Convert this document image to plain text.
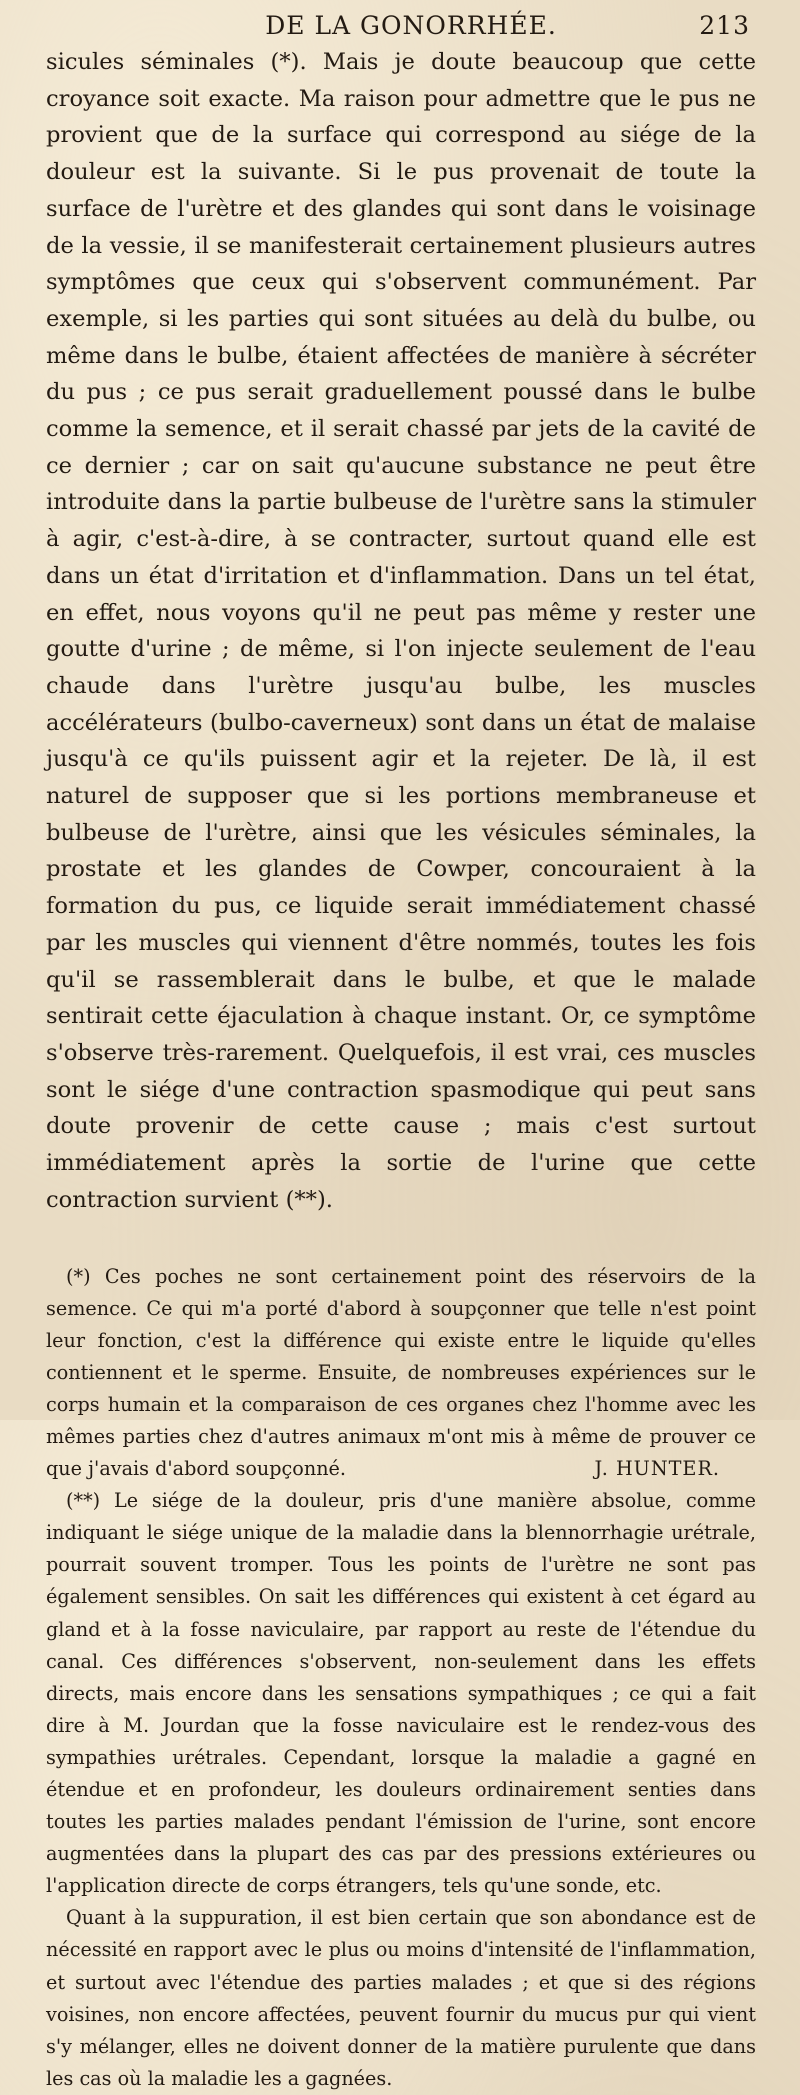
DE LA GONORRHÉE.	213

sicules séminales (*). Mais je doute beaucoup que cette croyance soit exacte. Ma raison pour admettre que le pus ne provient que de la surface qui correspond au siége de la douleur est la suivante. Si le pus provenait de toute la surface de l'urètre et des glandes qui sont dans le voisinage de la vessie, il se manifesterait certainement plusieurs autres symptômes que ceux qui s'observent communément. Par exemple, si les parties qui sont situées au delà du bulbe, ou même dans le bulbe, étaient affectées de manière à sécréter du pus ; ce pus serait graduellement poussé dans le bulbe comme la semence, et il serait chassé par jets de la cavité de ce dernier ; car on sait qu'aucune substance ne peut être introduite dans la partie bulbeuse de l'urètre sans la stimuler à agir, c'est-à-dire, à se contracter, surtout quand elle est dans un état d'irritation et d'inflammation. Dans un tel état, en effet, nous voyons qu'il ne peut pas même y rester une goutte d'urine ; de même, si l'on injecte seulement de l'eau chaude dans l'urètre jusqu'au bulbe, les muscles accélérateurs (bulbo-caverneux) sont dans un état de malaise jusqu'à ce qu'ils puissent agir et la rejeter. De là, il est naturel de supposer que si les portions membraneuse et bulbeuse de l'urètre, ainsi que les vésicules séminales, la prostate et les glandes de Cowper, concouraient à la formation du pus, ce liquide serait immédiatement chassé par les muscles qui viennent d'être nommés, toutes les fois qu'il se rassemblerait dans le bulbe, et que le malade sentirait cette éjaculation à chaque instant. Or, ce symptôme s'observe très-rarement. Quelquefois, il est vrai, ces muscles sont le siége d'une contraction spasmodique qui peut sans doute provenir de cette cause ; mais c'est surtout immédiatement après la sortie de l'urine que cette contraction survient (**).

(*) Ces poches ne sont certainement point des réservoirs de la semence. Ce qui m'a porté d'abord à soupçonner que telle n'est point leur fonction, c'est la différence qui existe entre le liquide qu'elles contiennent et le sperme. Ensuite, de nombreuses expériences sur le corps humain et la comparaison de ces organes chez l'homme avec les mêmes parties chez d'autres animaux m'ont mis à même de prouver ce que j'avais d'abord soupçonné.	J. HUNTER.

(**) Le siége de la douleur, pris d'une manière absolue, comme indiquant le siége unique de la maladie dans la blennorrhagie urétrale, pourrait souvent tromper. Tous les points de l'urètre ne sont pas également sensibles. On sait les différences qui existent à cet égard au gland et à la fosse naviculaire, par rapport au reste de l'étendue du canal. Ces différences s'observent, non-seulement dans les effets directs, mais encore dans les sensations sympathiques ; ce qui a fait dire à M. Jourdan que la fosse naviculaire est le rendez-vous des sympathies urétrales. Cependant, lorsque la maladie a gagné en étendue et en profondeur, les douleurs ordinairement senties dans toutes les parties malades pendant l'émission de l'urine, sont encore augmentées dans la plupart des cas par des pressions extérieures ou l'application directe de corps étrangers, tels qu'une sonde, etc.

Quant à la suppuration, il est bien certain que son abondance est de nécessité en rapport avec le plus ou moins d'intensité de l'inflammation, et surtout avec l'étendue des parties malades ; et que si des régions voisines, non encore affectées, peuvent fournir du mucus pur qui vient s'y mélanger, elles ne doivent donner de la matière purulente que dans les cas où la maladie les a gagnées.
